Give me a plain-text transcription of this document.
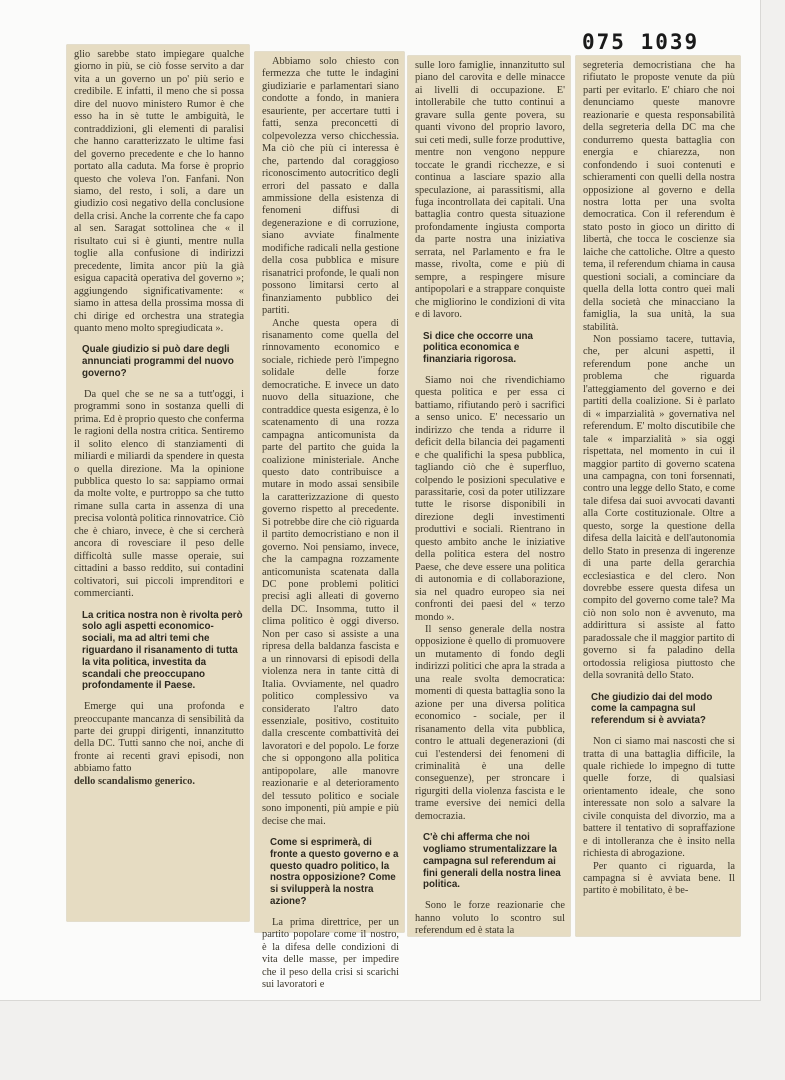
075 1039

glio sarebbe stato impiegare qualche giorno in più, se ciò fosse servito a dar vita a un governo un po' più serio e credibile. E infatti, il meno che si possa dire del nuovo ministero Rumor è che esso ha in sè tutte le ambiguità, le contraddizioni, gli elementi di paralisi che hanno caratterizzato le ultime fasi del governo precedente e che lo hanno portato alla caduta. Ma forse è proprio questo che voleva l'on. Fanfani. Non siamo, del resto, i soli, a dare un giudizio così negativo della conclusione della crisi. Anche la corrente che fa capo al sen. Saragat sottolinea che « il risultato cui si è giunti, mentre nulla toglie alla confusione di indirizzi precedente, limita ancor più la già esigua capacità operativa del governo »; aggiungendo significativamente: « siamo in attesa della prossima mossa di chi dirige ed orchestra una strategia quanto meno molto spregiudicata ».

Quale giudizio si può dare degli annunciati programmi del nuovo governo?

Da quel che se ne sa a tutt'oggi, i programmi sono in sostanza quelli di prima. Ed è proprio questo che conferma le ragioni della nostra critica. Sentiremo il solito elenco di stanziamenti di miliardi e miliardi da spendere in questa o quella direzione. Ma la opinione pubblica questo lo sa: sappiamo ormai da molte volte, e purtroppo sa che tutto rimane sulla carta in assenza di una precisa volontà politica rinnovatrice. Ciò che è chiaro, invece, è che si cercherà ancora di rovesciare il peso delle difficoltà sulle masse operaie, sui cittadini a basso reddito, sui contadini coltivatori, sui piccoli imprenditori e commercianti.

La critica nostra non è rivolta però solo agli aspetti economico-sociali, ma ad altri temi che riguardano il risanamento di tutta la vita politica, investita da scandali che preoccupano profondamente il Paese.

Emerge qui una profonda e preoccupante mancanza di sensibilità da parte dei gruppi dirigenti, innanzitutto della DC. Tutti sanno che noi, anche di fronte ai recenti gravi episodi, non abbiamo fatto

dello scandalismo generico.

Abbiamo solo chiesto con fermezza che tutte le indagini giudiziarie e parlamentari siano condotte a fondo, in maniera esauriente, per accertare tutti i fatti, senza preconcetti di colpevolezza verso chicchessia. Ma ciò che più ci interessa è che, partendo dal coraggioso riconoscimento autocritico degli errori del passato e dalla ammissione della esistenza di fenomeni diffusi di degenerazione e di corruzione, siano avviate finalmente modifiche radicali nella gestione della cosa pubblica e misure risanatrici profonde, le quali non possono limitarsi certo al finanziamento pubblico dei partiti.

Anche questa opera di risanamento come quella del rinnovamento economico e sociale, richiede però l'impegno solidale delle forze democratiche. E invece un dato nuovo della situazione, che contraddice questa esigenza, è lo scatenamento di una rozza campagna anticomunista da parte del partito che guida la coalizione ministeriale. Anche questo dato contribuisce a mutare in modo assai sensibile la caratterizzazione di questo governo rispetto al precedente. Si potrebbe dire che ciò riguarda il partito democristiano e non il governo. Noi pensiamo, invece, che la campagna rozzamente anticomunista scatenata dalla DC pone problemi politici precisi agli alleati di governo della DC. Insomma, tutto il clima politico è oggi diverso. Non per caso si assiste a una ripresa della baldanza fascista e a un rinnovarsi di episodi della violenza nera in tante città di Italia. Ovviamente, nel quadro politico complessivo va considerato l'altro dato essenziale, positivo, costituito dalla crescente combattività dei lavoratori e del popolo. Le forze che si oppongono alla politica antipopolare, alle manovre reazionarie e al deterioramento del tessuto politico e sociale sono imponenti, più ampie e più decise che mai.

Come si esprimerà, di fronte a questo governo e a questo quadro politico, la nostra opposizione? Come si svilupperà la nostra azione?

La prima direttrice, per un partito popolare come il nostro, è la difesa delle condizioni di vita delle masse, per impedire che il peso della crisi si scarichi sui lavoratori e

sulle loro famiglie, innanzitutto sul piano del carovita e delle minacce ai livelli di occupazione. E' intollerabile che tutto continui a gravare sulla gente povera, su quanti vivono del proprio lavoro, sui ceti medi, sulle forze produttive, mentre non vengono neppure toccate le grandi ricchezze, e si continua a lasciare spazio alla speculazione, ai parassitismi, alla fuga incontrollata dei capitali. Una battaglia contro questa situazione profondamente ingiusta comporta da parte nostra una iniziativa serrata, nel Parlamento e fra le masse, rivolta, come e più di sempre, a respingere misure antipopolari e a strappare conquiste che migliorino le condizioni di vita e di lavoro.

Si dice che occorre una politica economica e finanziaria rigorosa.

Siamo noi che rivendichiamo questa politica e per essa ci battiamo, rifiutando però i sacrifici a senso unico. E' necessario un indirizzo che tenda a ridurre il deficit della bilancia dei pagamenti e che qualifichi la spesa pubblica, tagliando ciò che è superfluo, colpendo le posizioni speculative e parassitarie, così da poter utilizzare tutte le risorse disponibili in direzione degli investimenti produttivi e sociali. Rientrano in questo ambito anche le iniziative della politica estera del nostro Paese, che deve essere una politica di autonomia e di collaborazione, sia nel quadro europeo sia nei confronti dei paesi del « terzo mondo ».

Il senso generale della nostra opposizione è quello di promuovere un mutamento di fondo degli indirizzi politici che apra la strada a una reale svolta democratica: momenti di questa battaglia sono la azione per una diversa politica economico - sociale, per il risanamento della vita pubblica, contro le attuali degenerazioni (di cui l'estendersi dei fenomeni di criminalità è una delle conseguenze), per stroncare i rigurgiti della violenza fascista e le trame eversive dei nemici della democrazia.

C'è chi afferma che noi vogliamo strumentalizzare la campagna sul referendum ai fini generali della nostra linea politica.

Sono le forze reazionarie che hanno voluto lo scontro sul referendum ed è stata la

segreteria democristiana che ha rifiutato le proposte venute da più parti per evitarlo. E' chiaro che noi denunciamo queste manovre reazionarie e questa responsabilità della segreteria della DC ma che condurremo questa battaglia con energia e chiarezza, non confondendo i suoi contenuti e schieramenti con quelli della nostra opposizione al governo e della nostra lotta per una svolta democratica. Con il referendum è stato posto in gioco un diritto di libertà, che tocca le coscienze sia laiche che cattoliche. Oltre a questo tema, il referendum chiama in causa questioni sociali, a cominciare da quella della lotta contro quei mali della società che minacciano la famiglia, la sua unità, la sua stabilità.

Non possiamo tacere, tuttavia, che, per alcuni aspetti, il referendum pone anche un problema che riguarda l'atteggiamento del governo e dei partiti della coalizione. Si è parlato di « imparzialità » governativa nel referendum. E' molto discutibile che tale « imparzialità » sia oggi rispettata, nel momento in cui il maggior partito di governo scatena una campagna, con toni forsennati, contro una legge dello Stato, e come tale difesa dai suoi avvocati davanti alla Corte costituzionale. Oltre a questo, sorge la questione della difesa della laicità e dell'autonomia dello Stato in presenza di ingerenze di una parte della gerarchia ecclesiastica e del clero. Non dovrebbe essere questa difesa un compito del governo come tale? Ma ciò non solo non è avvenuto, ma addirittura si assiste al fatto paradossale che il maggior partito di governo si fa paladino della ortodossia religiosa piuttosto che della sovranità dello Stato.

Che giudizio dai del modo come la campagna sul referendum si è avviata?

Non ci siamo mai nascosti che si tratta di una battaglia difficile, la quale richiede lo impegno di tutte quelle forze, di qualsiasi orientamento ideale, che sono interessate non solo a salvare la civile conquista del divorzio, ma a battere il tentativo di sopraffazione e di intolleranza che è insito nella richiesta di abrogazione.

Per quanto ci riguarda, la campagna si è avviata bene. Il partito è mobilitato, è be-
